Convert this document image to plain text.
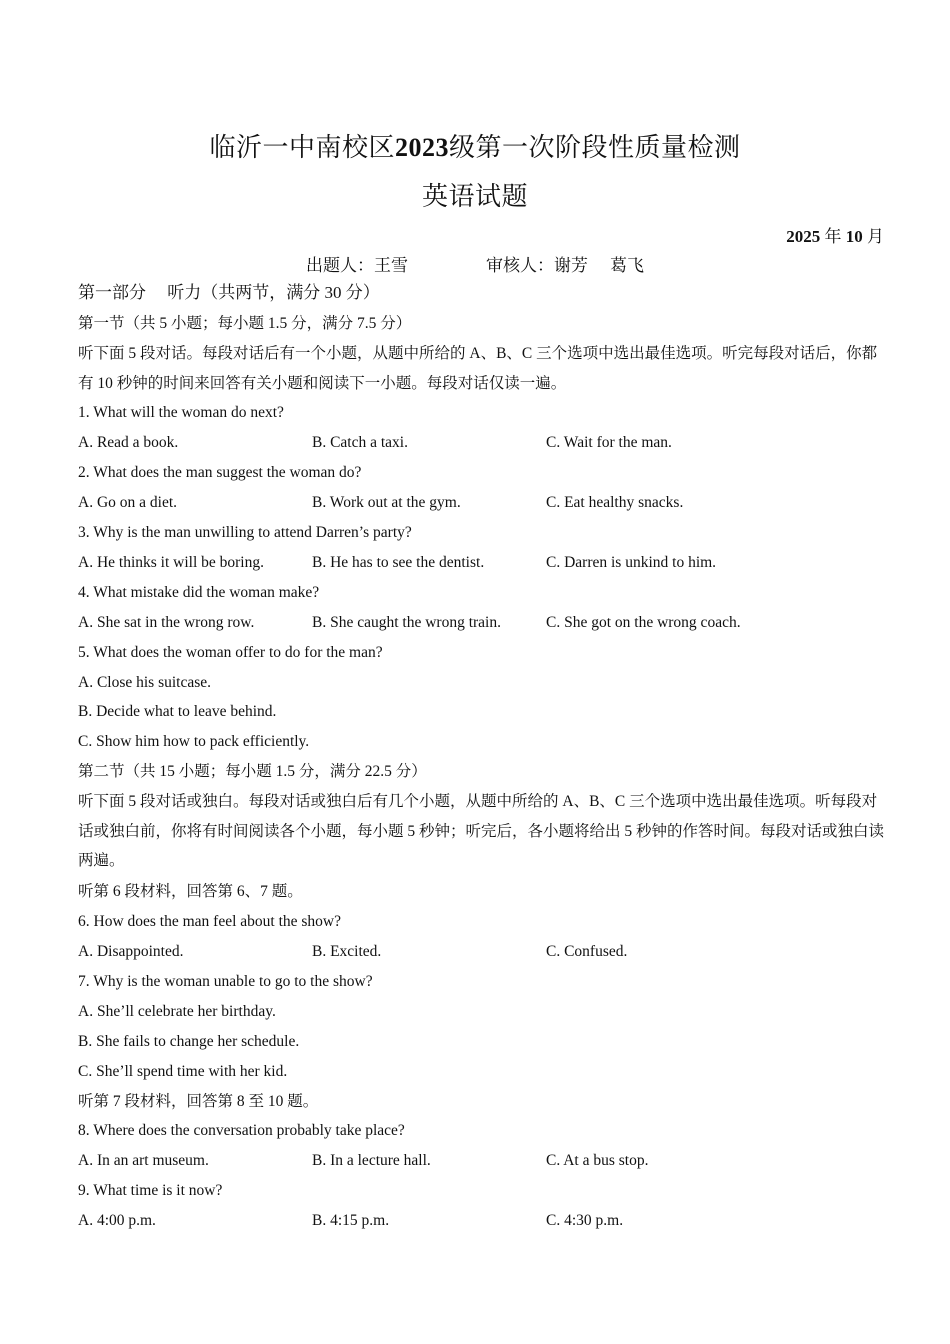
临沂一中南校区2023级第一次阶段性质量检测
英语试题
2025 年 10 月
出题人：王雪	审核人：谢芳 葛飞
第一部分　 听力（共两节，满分 30 分）
第一节（共 5 小题；每小题 1.5 分，满分 7.5 分）
听下面 5 段对话。每段对话后有一个小题，从题中所给的 A、B、C 三个选项中选出最佳选项。听完每段对话后，你都有 10 秒钟的时间来回答有关小题和阅读下一小题。每段对话仅读一遍。
1. What will the woman do next?
A. Read a book.	B. Catch a taxi.	C. Wait for the man.
2. What does the man suggest the woman do?
A. Go on a diet.	B. Work out at the gym.	C. Eat healthy snacks.
3. Why is the man unwilling to attend Darren’s party?
A. He thinks it will be boring.	B. He has to see the dentist.	C. Darren is unkind to him.
4. What mistake did the woman make?
A. She sat in the wrong row.	B. She caught the wrong train.	C. She got on the wrong coach.
5. What does the woman offer to do for the man?
A. Close his suitcase.
B. Decide what to leave behind.
C. Show him how to pack efficiently.
第二节（共 15 小题；每小题 1.5 分，满分 22.5 分）
听下面 5 段对话或独白。每段对话或独白后有几个小题，从题中所给的 A、B、C 三个选项中选出最佳选项。听每段对话或独白前，你将有时间阅读各个小题，每小题 5 秒钟；听完后，各小题将给出 5 秒钟的作答时间。每段对话或独白读两遍。
听第 6 段材料，回答第 6、7 题。
6. How does the man feel about the show?
A. Disappointed.	B. Excited.	C. Confused.
7. Why is the woman unable to go to the show?
A. She’ll celebrate her birthday.
B. She fails to change her schedule.
C. She’ll spend time with her kid.
听第 7 段材料，回答第 8 至 10 题。
8. Where does the conversation probably take place?
A. In an art museum.	B. In a lecture hall.	C. At a bus stop.
9. What time is it now?
A. 4:00 p.m.	B. 4:15 p.m.	C. 4:30 p.m.
